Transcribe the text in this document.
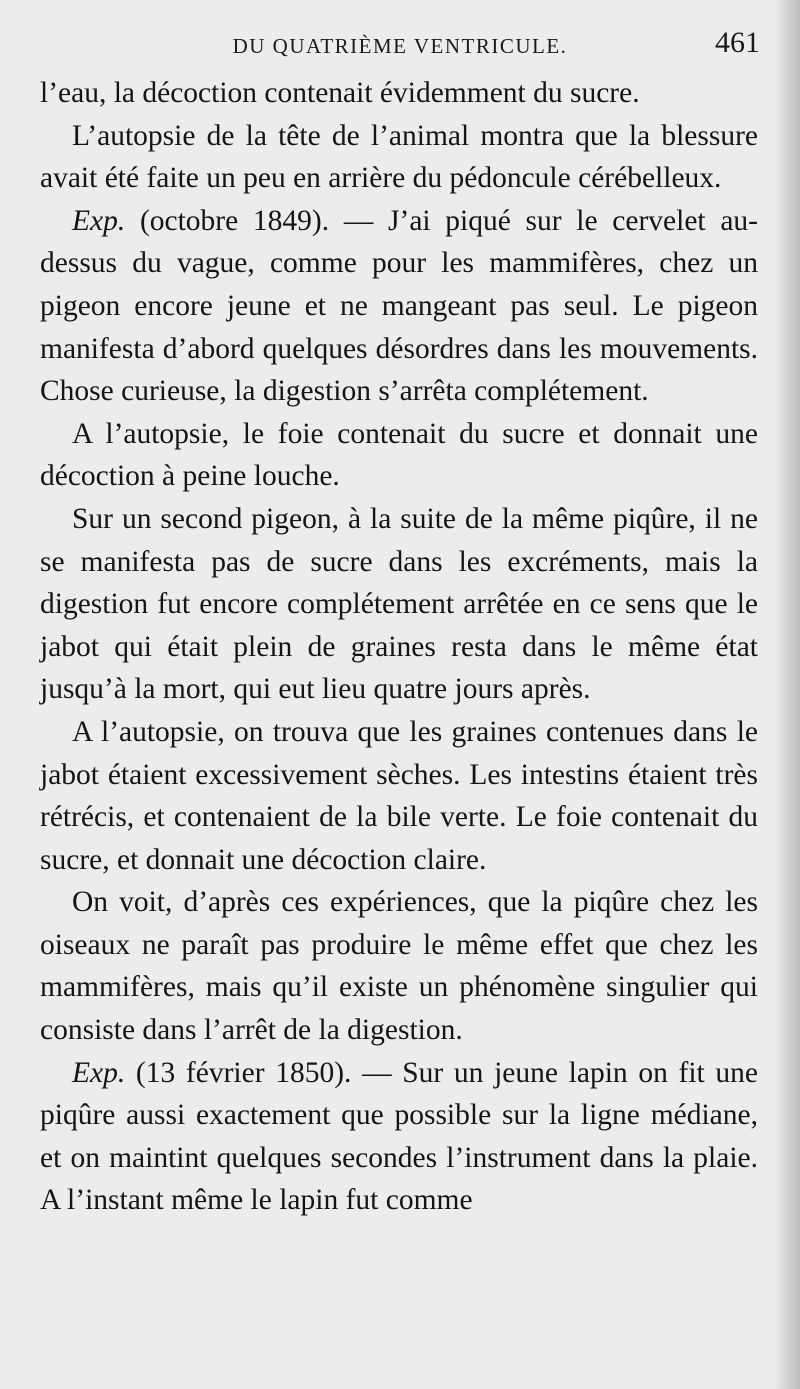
DU QUATRIÈME VENTRICULE.	461

l’eau, la décoction contenait évidemment du sucre.

L’autopsie de la tête de l’animal montra que la blessure avait été faite un peu en arrière du pédoncule cérébelleux.

Exp. (octobre 1849). — J’ai piqué sur le cervelet au-dessus du vague, comme pour les mammifères, chez un pigeon encore jeune et ne mangeant pas seul. Le pigeon manifesta d’abord quelques désordres dans les mouvements. Chose curieuse, la digestion s’arrêta complétement.

A l’autopsie, le foie contenait du sucre et donnait une décoction à peine louche.

Sur un second pigeon, à la suite de la même piqûre, il ne se manifesta pas de sucre dans les excréments, mais la digestion fut encore complétement arrêtée en ce sens que le jabot qui était plein de graines resta dans le même état jusqu’à la mort, qui eut lieu quatre jours après.

A l’autopsie, on trouva que les graines contenues dans le jabot étaient excessivement sèches. Les intestins étaient très rétrécis, et contenaient de la bile verte. Le foie contenait du sucre, et donnait une décoction claire.

On voit, d’après ces expériences, que la piqûre chez les oiseaux ne paraît pas produire le même effet que chez les mammifères, mais qu’il existe un phénomène singulier qui consiste dans l’arrêt de la digestion.

Exp. (13 février 1850). — Sur un jeune lapin on fit une piqûre aussi exactement que possible sur la ligne médiane, et on maintint quelques secondes l’instrument dans la plaie. A l’instant même le lapin fut comme
